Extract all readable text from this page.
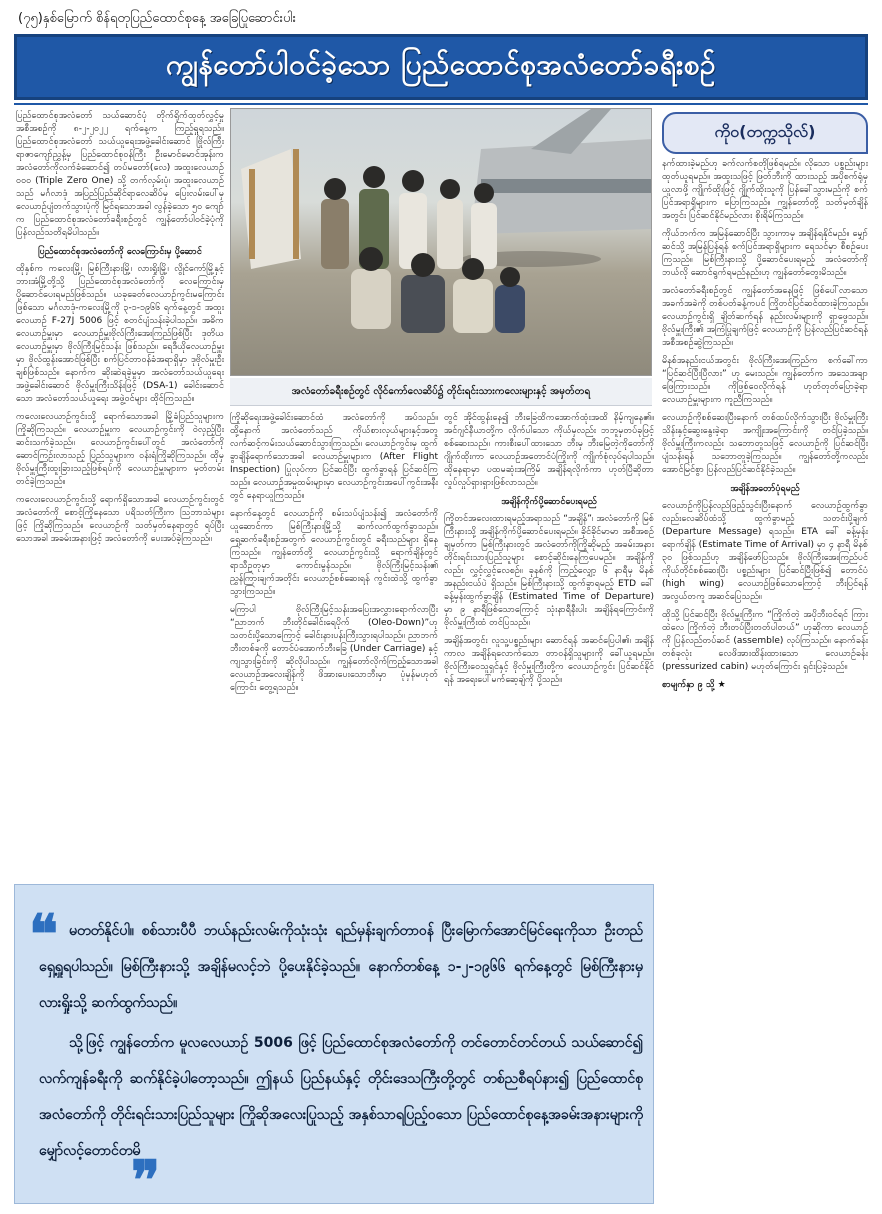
(၇၅)နှစ်မြောက် စိန်ရတုပြည်ထောင်စုနေ့ အခြေပြုဆောင်းပါး
ကျွန်တော်ပါဝင်ခဲ့သော ပြည်ထောင်စုအလံတော်ခရီးစဉ်

ပြည်ထောင်စုအလံတော် သယ်ဆောင်ပုံ တိုက်ရိုက်ထုတ်လွှင့်မှုအစီအစဉ်ကို ၈-၂-၂၀၂၂ ရက်နေ့က ကြည့်ရှုရသည်။ ပြည်ထောင်စုအလံတော် သယ်ယူရေးအဖွဲ့ခေါင်းဆောင် ဗြိုလ်ကြီးရာဇာကျော်ညွှန့်မှ ပြည်ထောင်စုဝန်ကြီး ဦးမောင်မောင်အုန်းက အလံတော်ကိုလက်ခံဆောင်၍ တပ်မတော်(လေ) အထူးလေယာဉ် ၀၀၀ (Triple Zero One) သို့ တက်လှမ်းပုံ၊ အထူးလေယာဉ်သည် မင်္ဂလာဒုံ အပြည်ပြည်ဆိုင်ရာလေဆိပ်မှ ပြေးလမ်းပေါ်မှ လေယာဉ်ပျံတက်သွားပုံကို မြင်ရသောအခါ လွန်ခဲ့သော ၅၀ ကျော်က ပြည်ထောင်စုအလံတော်ခရီးစဉ်တွင် ကျွန်တော်ပါဝင်ခဲ့ပုံကို ပြန်လည်သတိရမိပါသည်။

ပြည်ထောင်စုအလံတော်ကို လေကြောင်းမှ ပို့ဆောင်

ထိုနှစ်က ကလေးမြို့၊ မြစ်ကြီးနားမြို့၊ လားရှိုးမြို့၊ လွိုင်ကော်မြို့နှင့် ဘားအံမြို့တို့သို့ ပြည်ထောင်စုအလံတော်ကို လေကြောင်းမှ ပို့ဆောင်ပေးရမည်ဖြစ်သည်။ ယခုခေတ်လေယာဉ်ကွင်းမကြောင်းဖြစ်သော မင်္ဂလာဒုံ-ကလေးမြို့ကို ၃-၁-၁၉၆၆ ရက်နေ့တွင် အထူးလေယာဉ် F-27J 5006 ဖြင့် စတင်ပျံသန်းခဲ့ပါသည်။ အဓိကလေယာဉ်မှူးမှာ လေယာဉ်မှူးဗိုလ်ကြီးအေးကြည်ဖြစ်ပြီး ဒုတိယလေယာဉ်မှူးမှာ ဗိုလ်ကြီးမြင့်သန်း ဖြစ်သည်။ ရေဒီယိုလေယာဉ်မှူးမှာ ဗိုလ်ထွန်းအောင်ဖြစ်ပြီး စက်ပြင်တာဝန်ခံအရာရှိမှာ ဒုဗိုလ်မှူးဦးချစ်ဖြစ်သည်။ နောက်က ဆိုးဆဲရခဲ့မှုမှာ အလံတော်သယ်ယူရေးအဖွဲ့ခေါင်းဆောင် ဗိုလ်မှူးကြီးသိန်းဖြင့် (DSA-1) ခေါင်းဆောင်သော အလံတော်သယ်ယူရေး အဖွဲ့ဝင်များ ထိုင်ကြသည်။

ကလေးလေယာဉ်ကွင်းသို့ ရောက်သောအခါ မြို့ခံပြည်သူများက ကြိုဆိုကြသည်။ လေယာဉ်မှူးက လေယာဉ်ကွင်းကို ဝဲလှည့်ပြီး ဆင်းသက်ခဲ့သည်။ လေယာဉ်ကွင်းပေါ်တွင် အလံတော်ကို ဆောင်ကြဉ်းလာသည့် ပြည်သူများက ဝန်းရံကြိုဆိုကြသည်။ ထိုမှ ဗိုလ်မှူးကြီးထူးခြားသည့်ဖြစ်ရပ်ကို လေယာဉ်မှူးများက မှတ်တမ်းတင်ခဲ့ကြသည်။

ကလေးလေယာဉ်ကွင်းသို့ ရောက်ရှိသောအခါ လေယာဉ်ကွင်းတွင် အလံတော်ကို စောင့်ကြိုနေသော ပရိသတ်ကြီးက ဩဘာသံများဖြင့် ကြိုဆိုကြသည်။ လေယာဉ်ကို သတ်မှတ်နေရာတွင် ရပ်ပြီးသောအခါ အခမ်းအနားဖြင့် အလံတော်ကို ပေးအပ်ခဲ့ကြသည်။

အလံတော်ခရီးစဉ်တွင် လိုင်ကော်လေဆိပ်၌ တိုင်းရင်းသားကလေးများနှင့် အမှတ်တရ

ကြိုဆိုရေးအဖွဲ့ခေါင်းဆောင်ထံ အလံတော်ကို အပ်သည်။ ထို့နောက် အလံတော်သည် ကိုယ်စားလှယ်များနှင့်အတူ လက်ဆင့်ကမ်းသယ်ဆောင်သွားကြသည်။ လေယာဉ်ကွင်းမှ ထွက်ခွာချိန်ရောက်သောအခါ လေယာဉ်မှူးများက (After Flight Inspection) ပြုလုပ်ကာ ပြင်ဆင်ပြီး ထွက်ခွာရန် ပြင်ဆင်ကြသည်။ လေယာဉ်အမှုထမ်းများမှာ လေယာဉ်ကွင်းအပေါ်ကွင်းအနီးတွင် နေရာယူကြသည်။

နောက်နေ့တွင် လေယာဉ်ကို စမ်းသပ်ပျံသန်း၍ အလံတော်ကို ယူဆောင်ကာ မြစ်ကြီးနားမြို့သို့ ဆက်လက်ထွက်ခွာသည်။ ရှေ့ဆက်ခရီးစဉ်အတွက် လေယာဉ်ကွင်းတွင် ခရီးသည်များ ရှိနေကြသည်။ ကျွန်တော်တို့ လေယာဉ်ကွင်းသို့ ရောက်ချိန်တွင် ရာသီဥတုမှာ ကောင်းမွန်သည်။ ဗိုလ်ကြီးမြင့်သန်း၏ ညွှန်ကြားချက်အတိုင်း လေယာဉ်စစ်ဆေးရန် ကွင်းထဲသို့ ထွက်ခွာသွားကြသည်။

မကြာပါ ဗိုလ်ကြီးမြင့်သန်းအပြေးအလွှားရောက်လာပြီး “ညာဘက် ဘီးတိုင်ခေါင်းရေပိုက် (Oleo-Down)”ဟု သတင်းပို့သောကြောင့် ခေါင်းနားပန်းကြီးသွားရပါသည်။ ညာဘက်ဘီးတစ်ခုကို တောင်ပံအောက်ဘီးခြေ (Under Carriage) နှင့်ကျသွားခြင်းကို ဆိုလိုပါသည်။ ကျွန်တော်လိုက်ကြည့်သောအခါ လေယာဉ်အလေးချိန်ကို ဖိအားပေးသောဘီးမှာ ပုံမှန်မဟုတ်ကြောင်း တွေ့ရသည်။

တွင် အိုင်ထွန်းနေ၍ ဘီးခြေထိကအောက်ထုံးအထိ နိမ့်ကျနေ၏။ အင်ဂျင်နီယာတို့က လိုက်ပါသော ကိုယ်မှလည်း ဘဘူမှတပ်ခုဖြင့် စစ်ဆေးသည်။ ကားစီးပေါ်ထားသော ဘီးမှ ဘီးမြေတဲ့ကိုတော်ကို ဂျိုက်ထိုးကာ လေယာဉ်အတောင်ပံကြိုးကို ကျိုက်စုံလုပ်ရပါသည်။ ထိုနေရာမှာ ပထမဆုံးအကြိမ် အချိန်ရလိုက်ကာ ဟုတ်ပြီဆိုတာ လှုပ်လှုပ်ရှားရှားဖြစ်လာသည်။

အချိန်ကိုက်ပို့ဆောင်ပေးရမည်

ကြိုတင်အလေးထားရမည့်အရာသည် “အချိန်”၊ အလံတော်ကို မြစ်ကြီးနားသို့ အချိန်ကိုက်ပို့ဆောင်ပေးရမည်။ ခိုင်ခိုင်မာမာ အစီအစဉ်ချမှတ်ကာ မြစ်ကြီးနားတွင် အလံတော်ကိုကြိုဆိုမည့် အခမ်းအနား တိုင်းရင်းသားပြည်သူများ စောင့်ဆိုင်းနေကြပေမည်။ အချိန်ကိုလည်း လွှင့်လွှင့်လေစဉ်။ ခုနစ်ကို ကြည့်လျှော့ ၆ နာရီမှ မိနစ်အနည်းငယ်ပဲ ရှိသည်။ မြစ်ကြီးနားသို့ ထွက်ခွာရမည့် ETD ခေါ်ခန့်မှန်းထွက်ခွာချိန် (Estimated Time of Departure) မှာ ၉ နာရီဖြစ်သောကြောင့် သုံးနာရီနီးပါး အချိန်ရကြောင်းကို ဗိုလ်မှူးကြီးထံ တင်ပြသည်။

အချိန်အတွင်း လူသူ့ပစ္စည်းများ ဆောင်ရန် အဆင်ပြေပါ၏၊ အချိန်ကာလ အချိန်ရလောက်သော တာဝန်ရှိသူများကို ခေါ်ယူရမည်။ ဗိုလ်ကြီးဝေသူရှင်နှင့် ဗိုလ်မှူးကြီးတို့က လေယာဉ်ကွင်း ပြင်ဆင်နိုင်ရန် အရေးပေါ်မက်ဆေ့ချ်ကို ပို့သည်။

ကိုဝ(တက္ကသိုလ်)

နက်ထားခဲ့မည်ဟု ခက်လက်စတိုဖြစ်ရမည်။ လိုသော ပစ္စည်းများ ထုတ်ယူရမည်။ အထူးသဖြင့် ဖြတ်ဘီးကို ထားသည့် အပိုစက်ရုံမှ ယူလာဖို့ ကျိုက်ထိုးဖြင့် ဂျိုက်ထိုးသူကို ပြန်ခေါ်သွားမည်ကို စက်ပြင်အရာရှိများက ပြောကြသည်။ ကျွန်တော်တို့ သတ်မှတ်ချိန်အတွင်း ပြင်ဆင်နိုင်မည်လား စိုးရိမ်ကြသည်။

ကိုယ်ဘက်က အမြန်ဆောင်ပြီး သွားကာမှ အချိန်ရနိုင်မည်။ မျှော်ဆင်သို့ အမြန်ပြန်ရန် စက်ပြင်အရာရှိများက ရေသင်မှာ စီစဉ်ပေးကြသည်။ မြစ်ကြီးနားသို့ ပို့ဆောင်ပေးရမည့် အလံတော်ကို ဘယ်လို ဆောင်ရွက်ရမည်နည်းဟု ကျွန်တော်တွေးမိသည်။

အလံတော်ခရီးစဉ်တွင် ကျွန်တော်အနေဖြင့် ဖြစ်ပေါ်လာသော အခက်အခဲကို တစ်ပတ်ခန့်ကပင် ကြိုတင်ပြင်ဆင်ထားခဲ့ကြသည်။ လေယာဉ်ကွင်းရှိ ချိတ်ဆက်ရန် နည်းလမ်းများကို ရှာဖွေသည်။ ဗိုလ်မှူးကြီး၏ အကြံပြုချက်ဖြင့် လေယာဉ်ကို ပြန်လည်ပြင်ဆင်ရန် အစီအစဉ်ဆွဲကြသည်။

မိနစ်အနည်းငယ်အတွင်း ဗိုလ်ကြီးအေးကြည်က စက်ခေါ်ကာ “ပြင်ဆင်ပြီးပြီလား” ဟု မေးသည်။ ကျွန်တော်က အသေအချာ ဖြေကြားသည်။ ကိုဖြစ်ဝေလိုက်ရန် ဟုတ်တုတ်ပြောခဲ့ရာ လေယာဉ်မှူးများက ကူညီကြသည်။

လေယာဉ်ကိုစစ်ဆေးပြီးနောက် တစ်ထပ်လိုက်သွားပြီး ဗိုလ်မှူးကြီးသိန်းနှင့်ဆွေးနွေးခဲ့ရာ အကျိုးအကြောင်းကို တင်ပြခဲ့သည်။ ဗိုလ်မှူးကြီးကလည်း သဘောတူသဖြင့် လေယာဉ်ကို ပြင်ဆင်ပြီး ပျံသန်းရန် သဘောတူခဲ့ကြသည်။ ကျွန်တော်တို့ကလည်း အောင်မြင်စွာ ပြန်လည်ပြင်ဆင်နိုင်ခဲ့သည်။

အချိန်အတော်ပုံရမည်

လေယာဉ်ကိုပြန်လည်ဖြည့်သွင်းပြီးနောက် လေယာဉ်ထွက်ခွာလည်းလေဆိပ်ထံသို့ ထွက်ခွာမည့် သတင်းပို့ချက် (Departure Message) ရသည်။ ETA ခေါ် ခန့်မှန်းရောက်ချိန် (Estimate Time of Arrival) မှာ ၄ နာရီ မိနစ် ၃၀ ဖြစ်သည်ဟု အချိန်ဖော်ပြသည်။ ဗိုလ်ကြီးအေးကြည်ပင် ကိုယ်တိုင်စစ်ဆေးပြီး ပစ္စည်းများ ပြင်ဆင်ပြီးဖြစ်၍ တောင်ပံ (high wing) လေယာဉ်ဖြစ်သောကြောင့် ဘီးပြင်ရန် အလွယ်တကူ အဆင်ပြေသည်။

ထိုသို့ ပြင်ဆင်ပြီး ဗိုလ်မှူးကြီးက “ကြိုက်တဲ့ အပိုဘီးဝင်ရင် ကြားထဲလေ ကြိုက်တဲ့ ဘီးတပ်ပြီးတတ်ပါတယ်” ဟုဆိုကာ လေယာဉ်ကို ပြန်လည်တပ်ဆင် (assemble) လုပ်ကြသည်။ နောက်ခန်းတစ်ခုလုံး လေဖိအားထိန်းထားသော လေယာဉ်ခန်း (pressurized cabin) မဟုတ်ကြောင်း ရှင်းပြခဲ့သည်။

စာမျက်နှာ ၉ သို့ ★

❝ မတတ်နိုင်ပါ။ စစ်သားပီပီ ဘယ်နည်းလမ်းကိုသုံးသုံး ရည်မှန်းချက်တာဝန် ပြီးမြောက်အောင်မြင်ရေးကိုသာ ဦးတည်ရှေ့ရှုရပါသည်။ မြစ်ကြီးနားသို့ အချိန်မလင့်ဘဲ ပို့ပေးနိုင်ခဲ့သည်။ နောက်တစ်နေ့ ၁-၂-၁၉၆၆ ရက်နေ့တွင် မြစ်ကြီးနားမှလားရှိုးသို့ ဆက်ထွက်သည်။

သို့ဖြင့် ကျွန်တော်က မူလလေယာဉ် 5006 ဖြင့် ပြည်ထောင်စုအလံတော်ကို တင်တောင်တင်တယ် သယ်ဆောင်၍ လက်ကျန်ခရီးကို ဆက်နိုင်ခဲ့ပါတော့သည်။ ဤနယ် ပြည်နယ်နှင့် တိုင်းဒေသကြီးတို့တွင် တစ်ညစီရပ်နား၍ ပြည်ထောင်စုအလံတော်ကို တိုင်းရင်းသားပြည်သူများ ကြိုဆိုအလေးပြုသည့် အနှစ်သာရပြည့်ဝသော ပြည်ထောင်စုနေ့အခမ်းအနားများကို မျှော်လင့်တောင်တမိ

❞
